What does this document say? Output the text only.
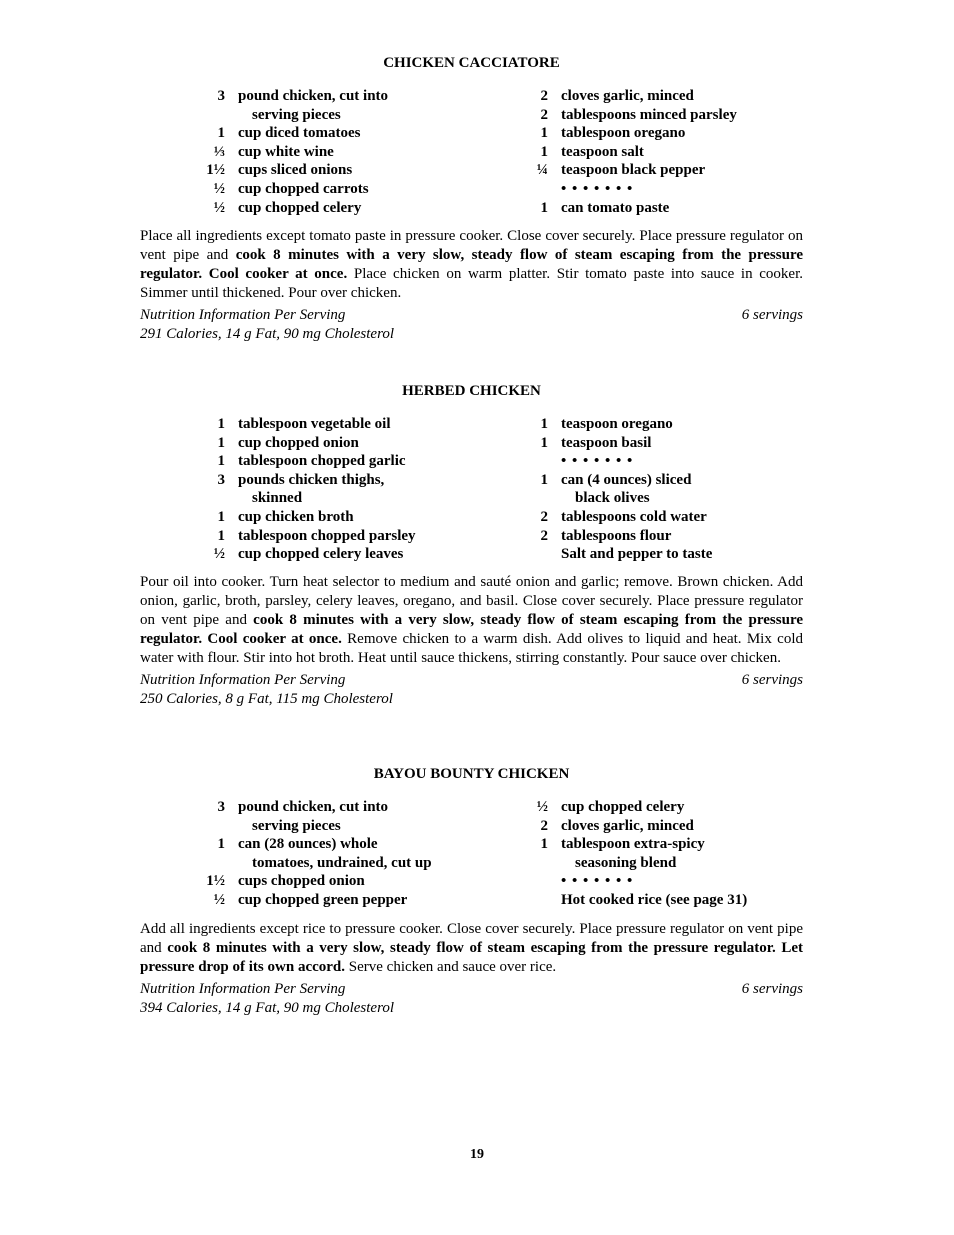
CHICKEN CACCIATORE
3 pound chicken, cut into
serving pieces
1 cup diced tomatoes
⅓ cup white wine
1½ cups sliced onions
½ cup chopped carrots
½ cup chopped celery
2 cloves garlic, minced
2 tablespoons minced parsley
1 tablespoon oregano
1 teaspoon salt
¼ teaspoon black pepper
• • • • • • •
1 can tomato paste

Place all ingredients except tomato paste in pressure cooker. Close cover securely. Place pressure regulator on vent pipe and cook 8 minutes with a very slow, steady flow of steam escaping from the pressure regulator. Cool cooker at once. Place chicken on warm platter. Stir tomato paste into sauce in cooker. Simmer until thickened. Pour over chicken.

Nutrition Information Per Serving	6 servings
291 Calories, 14 g Fat, 90 mg Cholesterol
HERBED CHICKEN
1 tablespoon vegetable oil
1 cup chopped onion
1 tablespoon chopped garlic
3 pounds chicken thighs,
skinned
1 cup chicken broth
1 tablespoon chopped parsley
½ cup chopped celery leaves
1 teaspoon oregano
1 teaspoon basil
• • • • • • •
1 can (4 ounces) sliced
black olives
2 tablespoons cold water
2 tablespoons flour
Salt and pepper to taste

Pour oil into cooker. Turn heat selector to medium and sauté onion and garlic; remove. Brown chicken. Add onion, garlic, broth, parsley, celery leaves, oregano, and basil. Close cover securely. Place pressure regulator on vent pipe and cook 8 minutes with a very slow, steady flow of steam escaping from the pressure regulator. Cool cooker at once. Remove chicken to a warm dish. Add olives to liquid and heat. Mix cold water with flour. Stir into hot broth. Heat until sauce thickens, stirring constantly. Pour sauce over chicken.

Nutrition Information Per Serving	6 servings
250 Calories, 8 g Fat, 115 mg Cholesterol
BAYOU BOUNTY CHICKEN
3 pound chicken, cut into
serving pieces
1 can (28 ounces) whole
tomatoes, undrained, cut up
1½ cups chopped onion
½ cup chopped green pepper
½ cup chopped celery
2 cloves garlic, minced
1 tablespoon extra-spicy
seasoning blend
• • • • • • •
Hot cooked rice (see page 31)

Add all ingredients except rice to pressure cooker. Close cover securely. Place pressure regulator on vent pipe and cook 8 minutes with a very slow, steady flow of steam escaping from the pressure regulator. Let pressure drop of its own accord. Serve chicken and sauce over rice.

Nutrition Information Per Serving	6 servings
394 Calories, 14 g Fat, 90 mg Cholesterol
19
